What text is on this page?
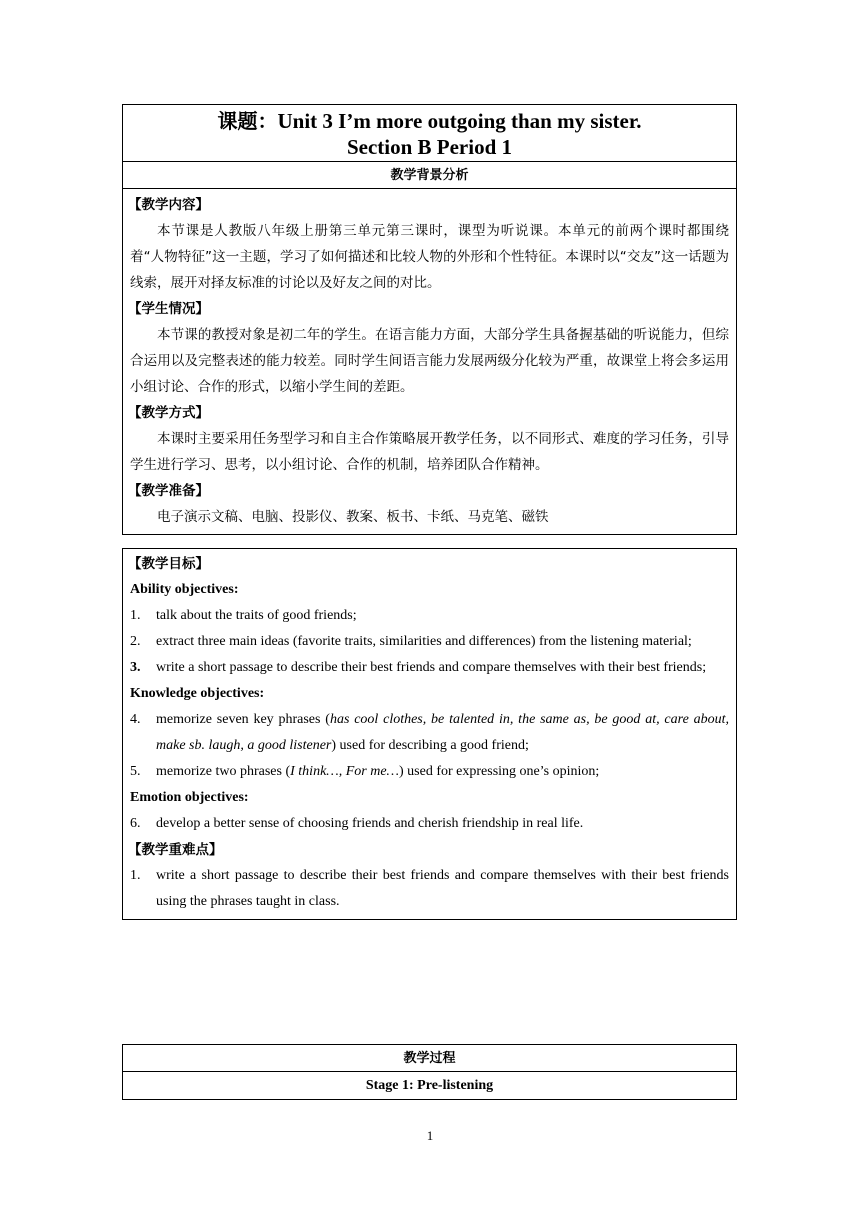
课题：Unit 3 I’m more outgoing than my sister.
Section B Period 1
教学背景分析
【教学内容】
本节课是人教版八年级上册第三单元第三课时，课型为听说课。本单元的前两个课时都围绕着“人物特征”这一主题，学习了如何描述和比较人物的外形和个性特征。本课时以“交友”这一话题为线索，展开对择友标准的讨论以及好友之间的对比。
【学生情况】
本节课的教授对象是初二年的学生。在语言能力方面，大部分学生具备握基础的听说能力，但综合运用以及完整表述的能力较差。同时学生间语言能力发展两级分化较为严重，故课堂上将会多运用小组讨论、合作的形式，以缩小学生间的差距。
【教学方式】
本课时主要采用任务型学习和自主合作策略展开教学任务，以不同形式、难度的学习任务，引导学生进行学习、思考，以小组讨论、合作的机制，培养团队合作精神。
【教学准备】
电子演示文稿、电脑、投影仪、教案、板书、卡纸、马克笔、磁铁
【教学目标】
Ability objectives:
1.	talk about the traits of good friends;
2.	extract three main ideas (favorite traits, similarities and differences) from the listening material;
3.	write a short passage to describe their best friends and compare themselves with their best friends;
Knowledge objectives:
4.	memorize seven key phrases (has cool clothes, be talented in, the same as, be good at, care about, make sb. laugh, a good listener) used for describing a good friend;
5.	memorize two phrases (I think…, For me…) used for expressing one’s opinion;
Emotion objectives:
6.	develop a better sense of choosing friends and cherish friendship in real life.
【教学重难点】
1.	write a short passage to describe their best friends and compare themselves with their best friends using the phrases taught in class.
教学过程
Stage 1: Pre-listening
1
